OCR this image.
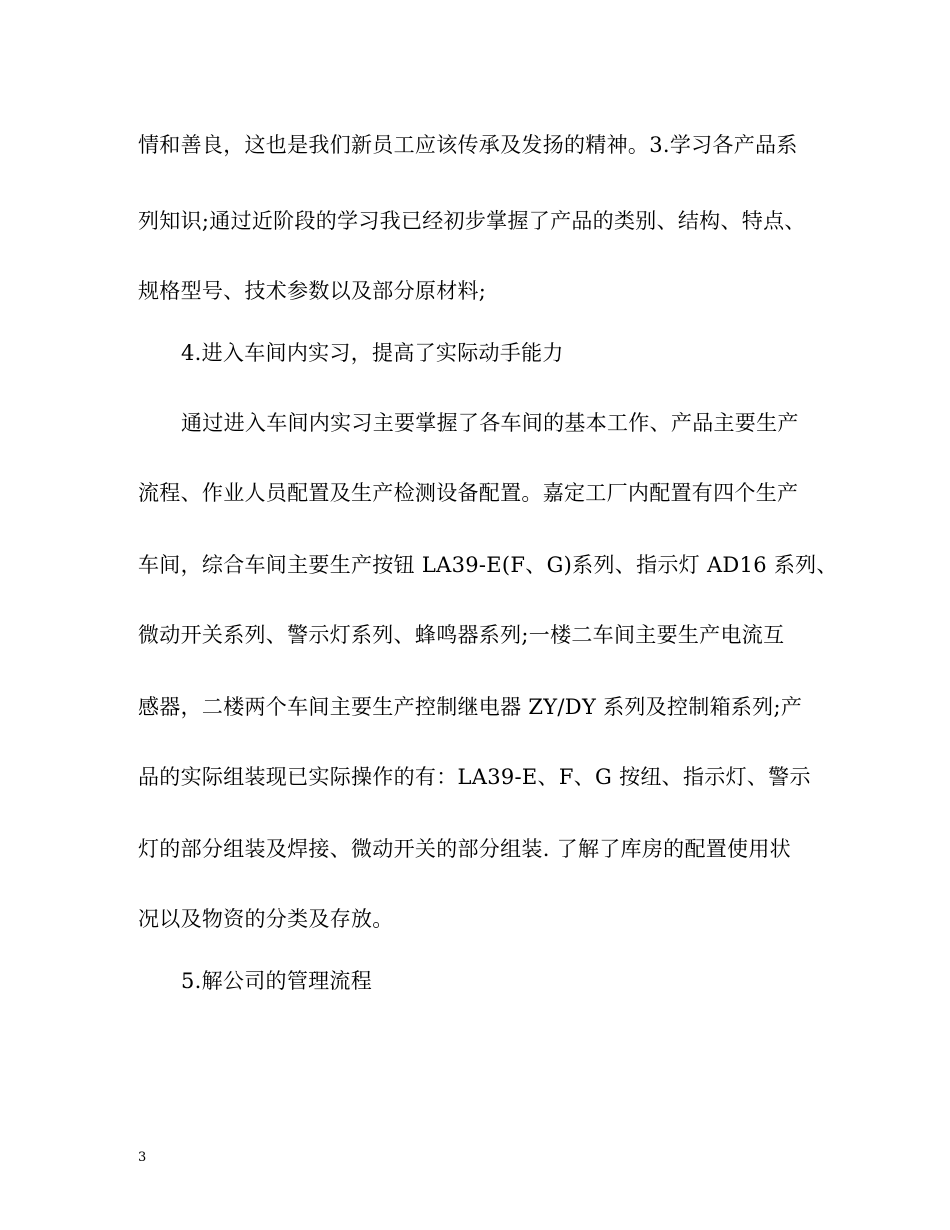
情和善良，这也是我们新员工应该传承及发扬的精神。3.学习各产品系
列知识;通过近阶段的学习我已经初步掌握了产品的类别、结构、特点、
规格型号、技术参数以及部分原材料;
4.进入车间内实习，提高了实际动手能力
通过进入车间内实习主要掌握了各车间的基本工作、产品主要生产
流程、作业人员配置及生产检测设备配置。嘉定工厂内配置有四个生产
车间，综合车间主要生产按钮 LA39-E(F、G)系列、指示灯 AD16 系列、
微动开关系列、警示灯系列、蜂鸣器系列;一楼二车间主要生产电流互
感器，二楼两个车间主要生产控制继电器 ZY/DY 系列及控制箱系列;产
品的实际组装现已实际操作的有：LA39-E、F、G 按纽、指示灯、警示
灯的部分组装及焊接、微动开关的部分组装. 了解了库房的配置使用状
况以及物资的分类及存放。
5.解公司的管理流程
3
